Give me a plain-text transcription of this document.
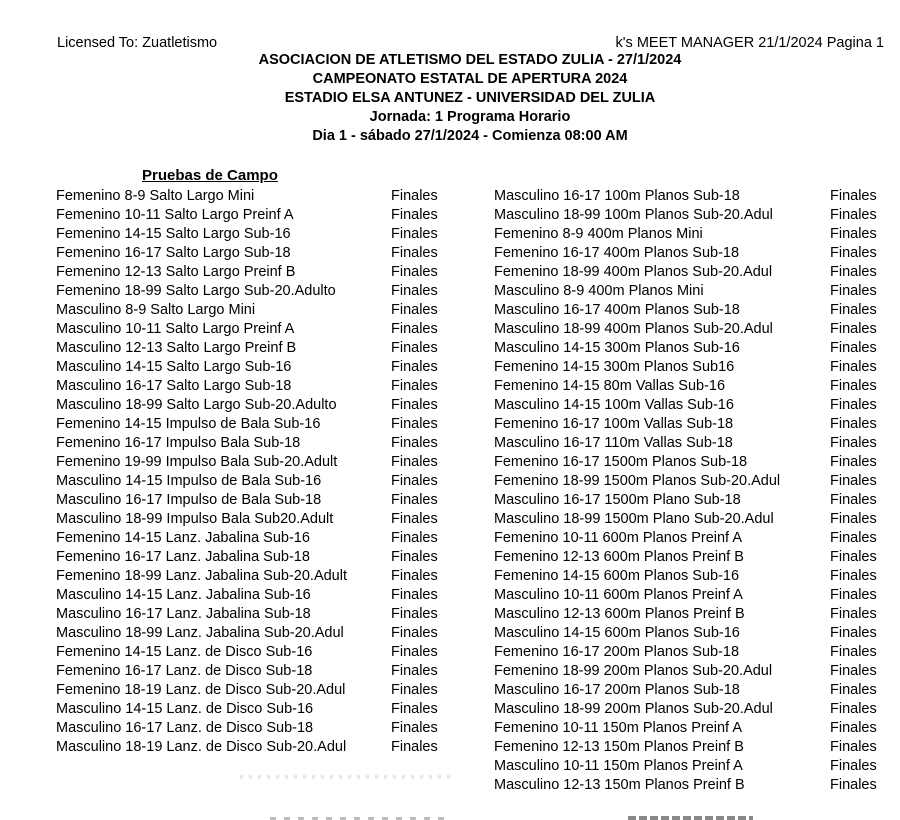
Licensed To: Zuatletismo	k's MEET MANAGER 21/1/2024 Pagina 1
ASOCIACION DE ATLETISMO DEL ESTADO ZULIA - 27/1/2024
CAMPEONATO ESTATAL DE APERTURA 2024
ESTADIO ELSA ANTUNEZ - UNIVERSIDAD DEL ZULIA
Jornada: 1 Programa Horario
Dia 1 - sábado 27/1/2024 - Comienza 08:00 AM
Pruebas de Campo
Femenino 8-9 Salto Largo Mini	Finales
Femenino 10-11 Salto Largo Preinf A	Finales
Femenino 14-15 Salto Largo Sub-16	Finales
Femenino 16-17 Salto Largo Sub-18	Finales
Femenino 12-13 Salto Largo Preinf B	Finales
Femenino 18-99 Salto Largo Sub-20.Adulto	Finales
Masculino 8-9 Salto Largo Mini	Finales
Masculino 10-11 Salto Largo Preinf A	Finales
Masculino 12-13 Salto Largo Preinf B	Finales
Masculino 14-15 Salto Largo Sub-16	Finales
Masculino 16-17 Salto Largo Sub-18	Finales
Masculino 18-99 Salto Largo Sub-20.Adulto	Finales
Femenino 14-15 Impulso de Bala Sub-16	Finales
Femenino 16-17 Impulso Bala Sub-18	Finales
Femenino 19-99 Impulso Bala Sub-20.Adult	Finales
Masculino 14-15 Impulso de Bala Sub-16	Finales
Masculino 16-17 Impulso de Bala Sub-18	Finales
Masculino 18-99 Impulso Bala Sub20.Adult	Finales
Femenino 14-15 Lanz. Jabalina Sub-16	Finales
Femenino 16-17 Lanz. Jabalina Sub-18	Finales
Femenino 18-99 Lanz. Jabalina Sub-20.Adult	Finales
Masculino 14-15 Lanz. Jabalina Sub-16	Finales
Masculino 16-17 Lanz. Jabalina Sub-18	Finales
Masculino 18-99 Lanz. Jabalina Sub-20.Adul	Finales
Femenino 14-15 Lanz. de Disco Sub-16	Finales
Femenino 16-17 Lanz. de Disco Sub-18	Finales
Femenino 18-19 Lanz. de Disco Sub-20.Adul	Finales
Masculino 14-15 Lanz. de Disco Sub-16	Finales
Masculino 16-17 Lanz. de Disco Sub-18	Finales
Masculino 18-19 Lanz. de Disco Sub-20.Adul	Finales
Masculino 16-17 100m Planos Sub-18	Finales
Masculino 18-99 100m Planos Sub-20.Adul	Finales
Femenino 8-9 400m Planos Mini	Finales
Femenino 16-17 400m Planos Sub-18	Finales
Femenino 18-99 400m Planos Sub-20.Adul	Finales
Masculino 8-9 400m Planos Mini	Finales
Masculino 16-17 400m Planos Sub-18	Finales
Masculino 18-99 400m Planos Sub-20.Adul	Finales
Masculino 14-15 300m Planos Sub-16	Finales
Femenino 14-15 300m Planos Sub16	Finales
Femenino 14-15 80m Vallas Sub-16	Finales
Masculino 14-15 100m Vallas Sub-16	Finales
Femenino 16-17 100m Vallas Sub-18	Finales
Masculino 16-17 110m Vallas Sub-18	Finales
Femenino 16-17 1500m Planos Sub-18	Finales
Femenino 18-99 1500m Planos Sub-20.Adul	Finales
Masculino 16-17 1500m Plano Sub-18	Finales
Masculino 18-99 1500m Plano Sub-20.Adul	Finales
Femenino 10-11 600m Planos Preinf A	Finales
Femenino 12-13 600m Planos Preinf B	Finales
Femenino 14-15 600m Planos Sub-16	Finales
Masculino 10-11 600m Planos Preinf A	Finales
Masculino 12-13 600m Planos Preinf B	Finales
Masculino 14-15 600m Planos Sub-16	Finales
Femenino 16-17 200m Planos Sub-18	Finales
Femenino 18-99 200m Planos Sub-20.Adul	Finales
Masculino 16-17 200m Planos Sub-18	Finales
Masculino 18-99 200m Planos Sub-20.Adul	Finales
Femenino 10-11 150m Planos Preinf A	Finales
Femenino 12-13 150m Planos Preinf B	Finales
Masculino 10-11 150m Planos Preinf A	Finales
Masculino 12-13 150m Planos Preinf B	Finales
